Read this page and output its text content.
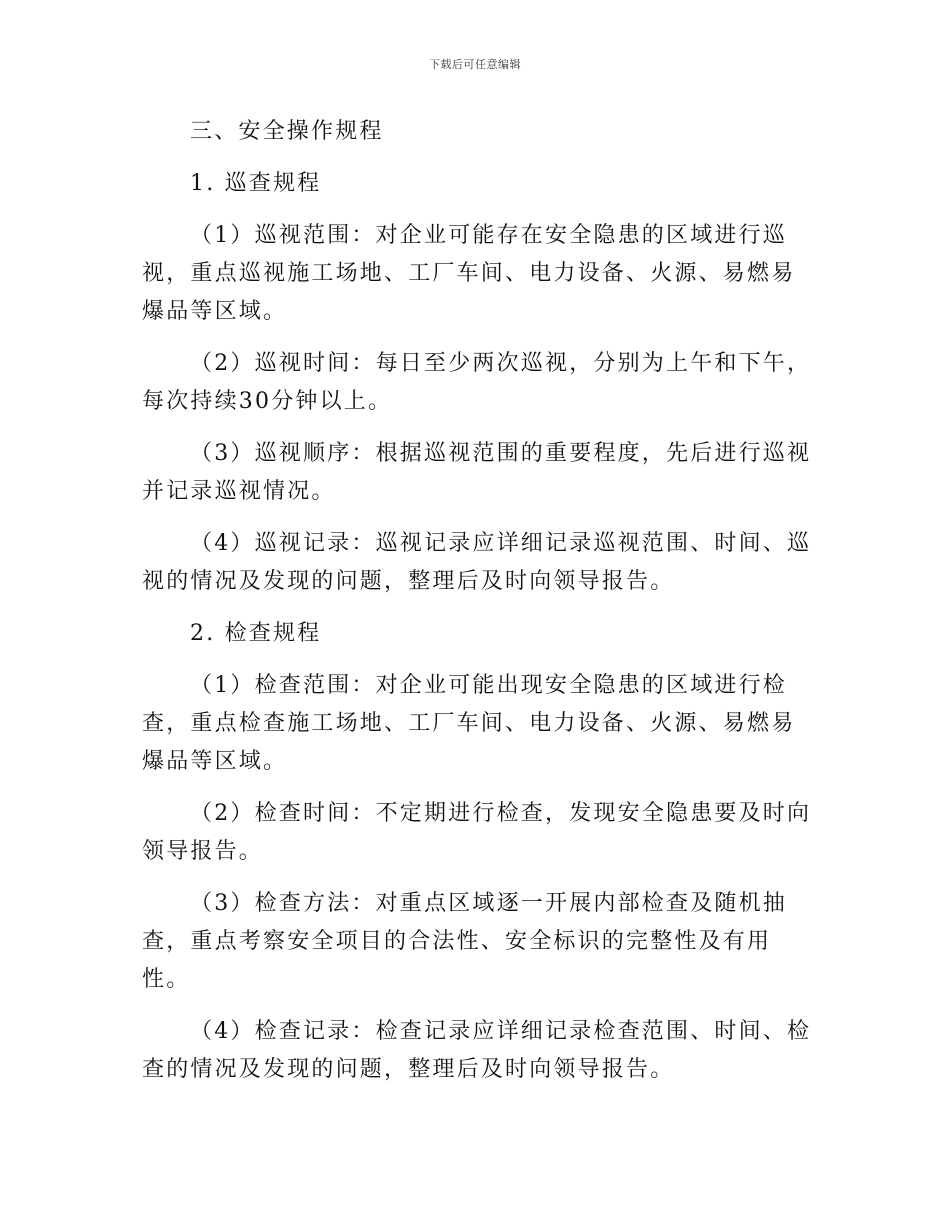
下载后可任意编辑

三、安全操作规程

1. 巡查规程

（1）巡视范围：对企业可能存在安全隐患的区域进行巡视，重点巡视施工场地、工厂车间、电力设备、火源、易燃易爆品等区域。

（2）巡视时间：每日至少两次巡视，分别为上午和下午，每次持续30分钟以上。

（3）巡视顺序：根据巡视范围的重要程度，先后进行巡视并记录巡视情况。

（4）巡视记录：巡视记录应详细记录巡视范围、时间、巡视的情况及发现的问题，整理后及时向领导报告。

2. 检查规程

（1）检查范围：对企业可能出现安全隐患的区域进行检查，重点检查施工场地、工厂车间、电力设备、火源、易燃易爆品等区域。

（2）检查时间：不定期进行检查，发现安全隐患要及时向领导报告。

（3）检查方法：对重点区域逐一开展内部检查及随机抽查，重点考察安全项目的合法性、安全标识的完整性及有用性。

（4）检查记录：检查记录应详细记录检查范围、时间、检查的情况及发现的问题，整理后及时向领导报告。
